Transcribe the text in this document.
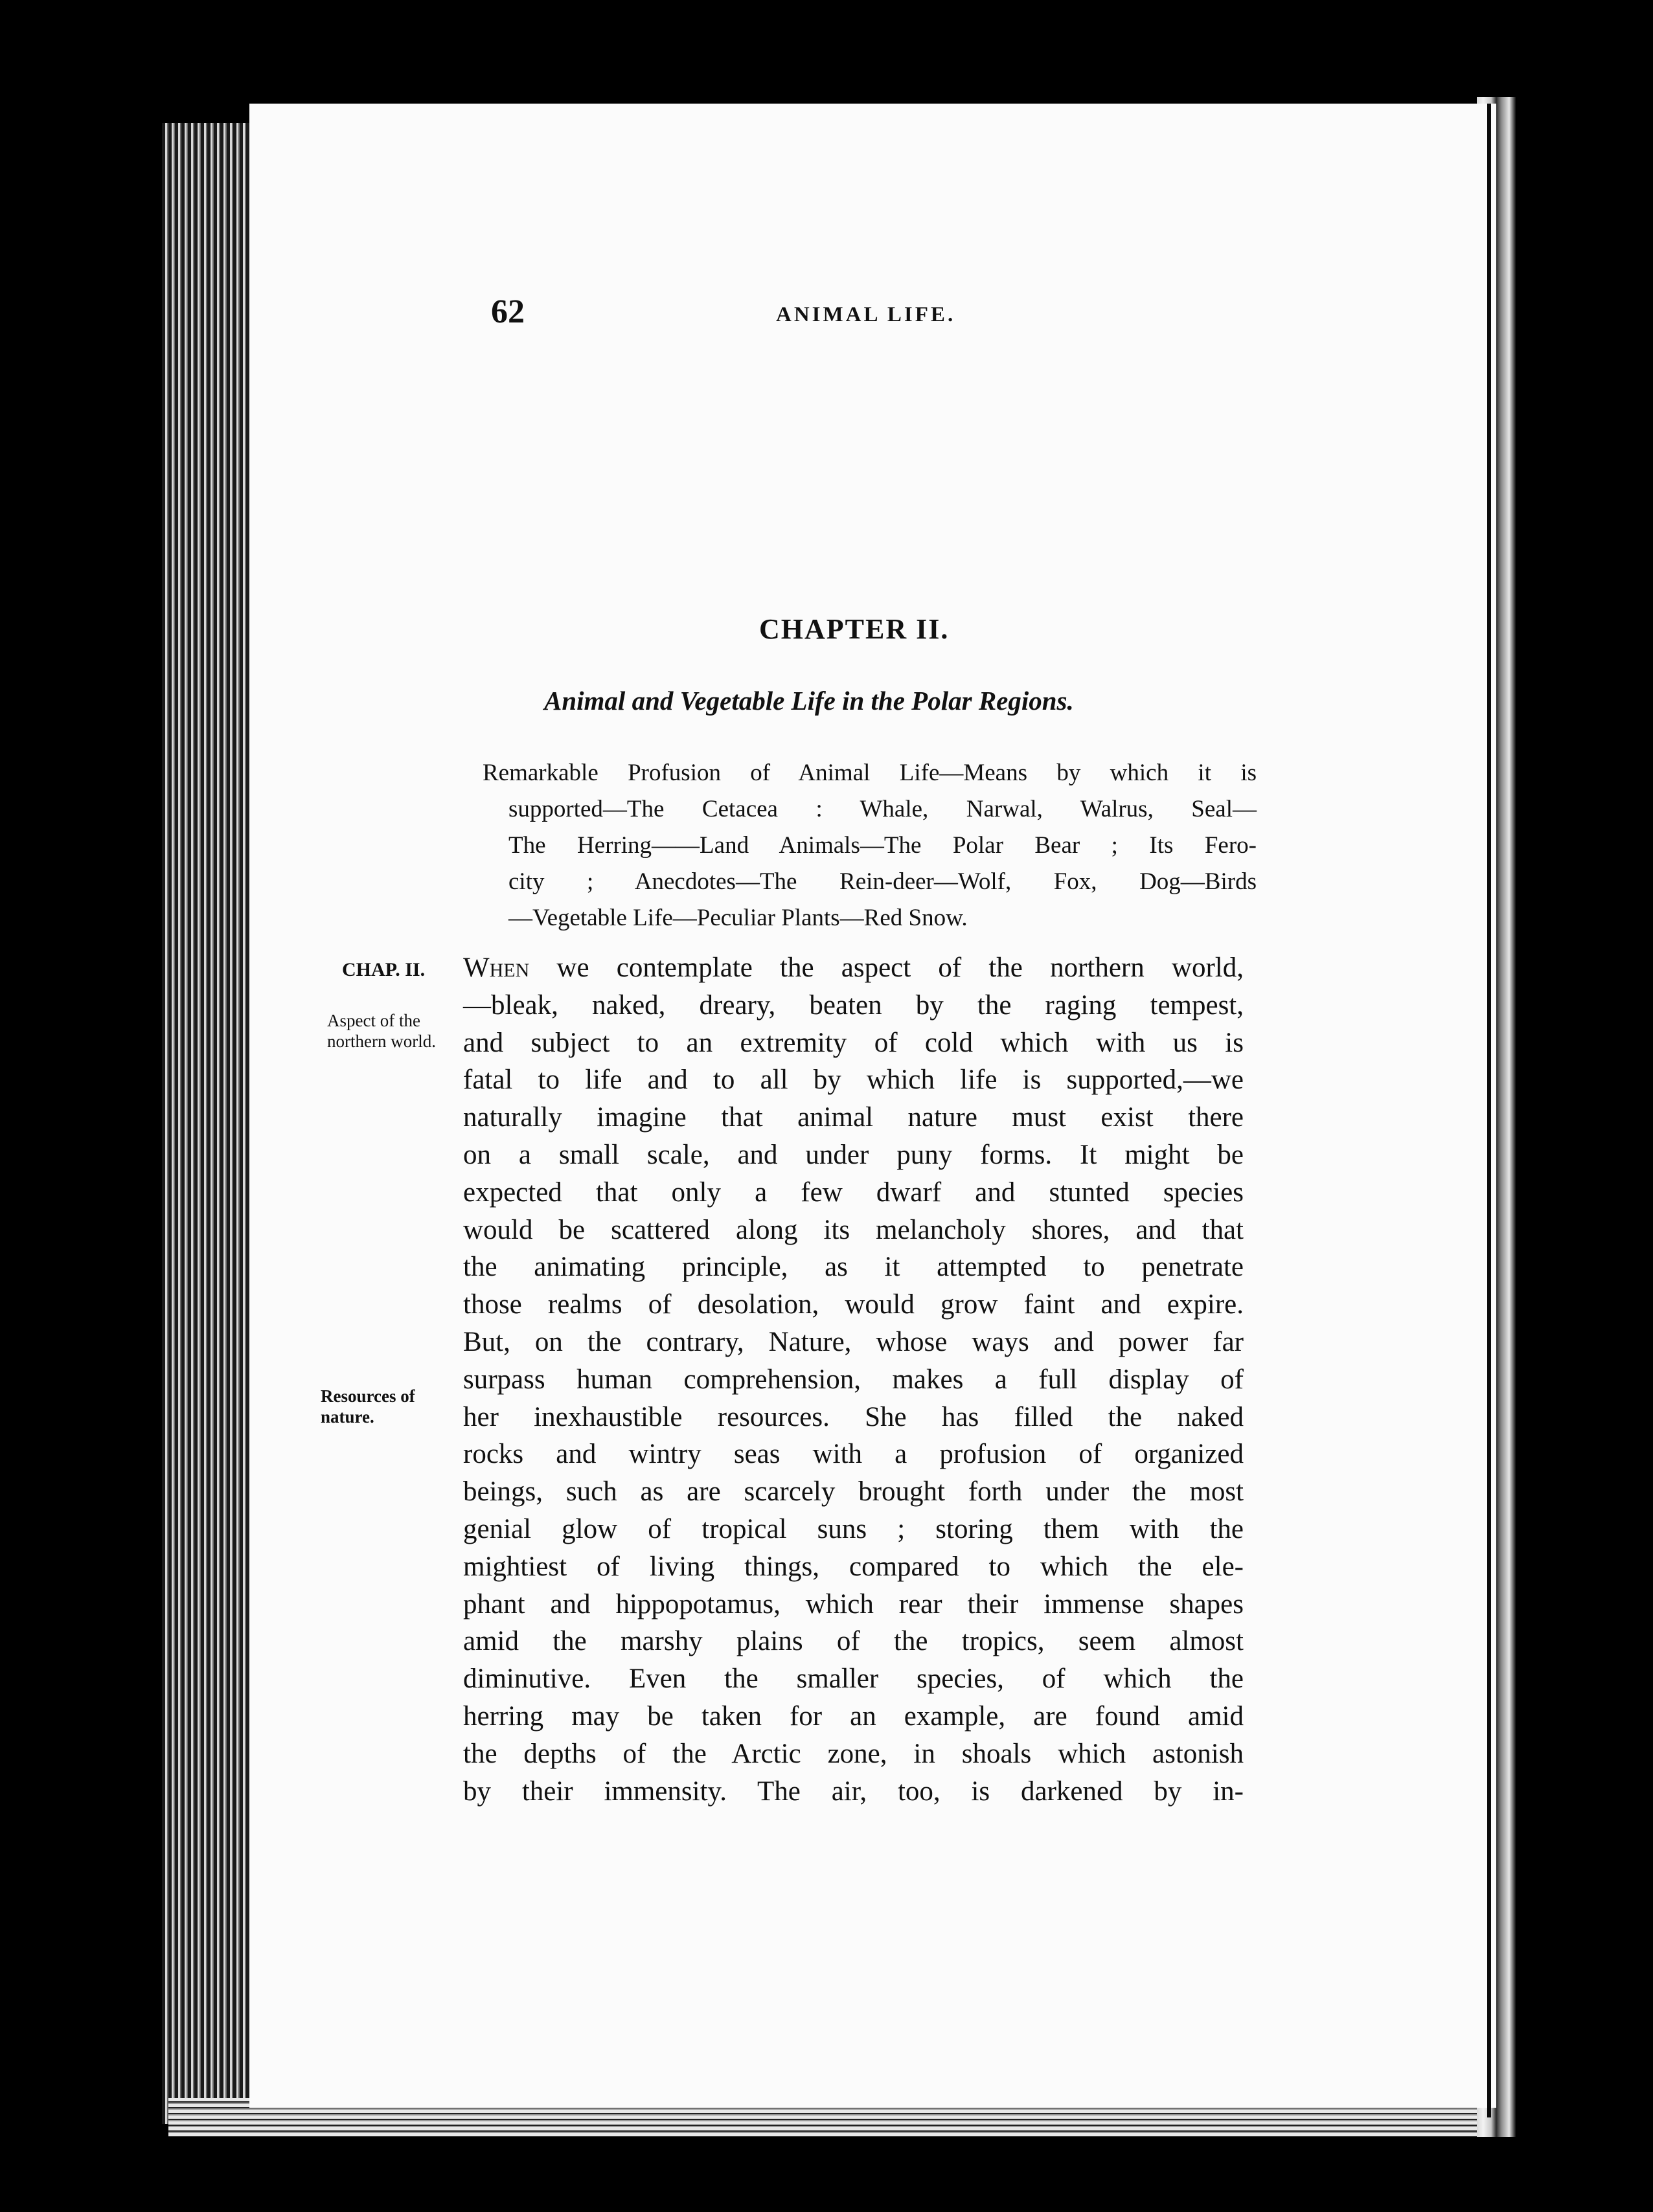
62	ANIMAL LIFE.
CHAPTER II.
Animal and Vegetable Life in the Polar Regions.
Remarkable Profusion of Animal Life—Means by which it is
supported—The Cetacea : Whale, Narwal, Walrus, Seal—
The Herring——Land Animals—The Polar Bear ; Its Fero-
city ; Anecdotes—The Rein-deer—Wolf, Fox, Dog—Birds
—Vegetable Life—Peculiar Plants—Red Snow.
CHAP. II.
Aspect of the northern world.
Resources of nature.
When we contemplate the aspect of the northern world,
—bleak, naked, dreary, beaten by the raging tempest,
and subject to an extremity of cold which with us is
fatal to life and to all by which life is supported,—we
naturally imagine that animal nature must exist there
on a small scale, and under puny forms. It might be
expected that only a few dwarf and stunted species
would be scattered along its melancholy shores, and that
the animating principle, as it attempted to penetrate
those realms of desolation, would grow faint and expire.
But, on the contrary, Nature, whose ways and power far
surpass human comprehension, makes a full display of
her inexhaustible resources. She has filled the naked
rocks and wintry seas with a profusion of organized
beings, such as are scarcely brought forth under the most
genial glow of tropical suns ; storing them with the
mightiest of living things, compared to which the ele-
phant and hippopotamus, which rear their immense shapes
amid the marshy plains of the tropics, seem almost
diminutive. Even the smaller species, of which the
herring may be taken for an example, are found amid
the depths of the Arctic zone, in shoals which astonish
by their immensity. The air, too, is darkened by in-
